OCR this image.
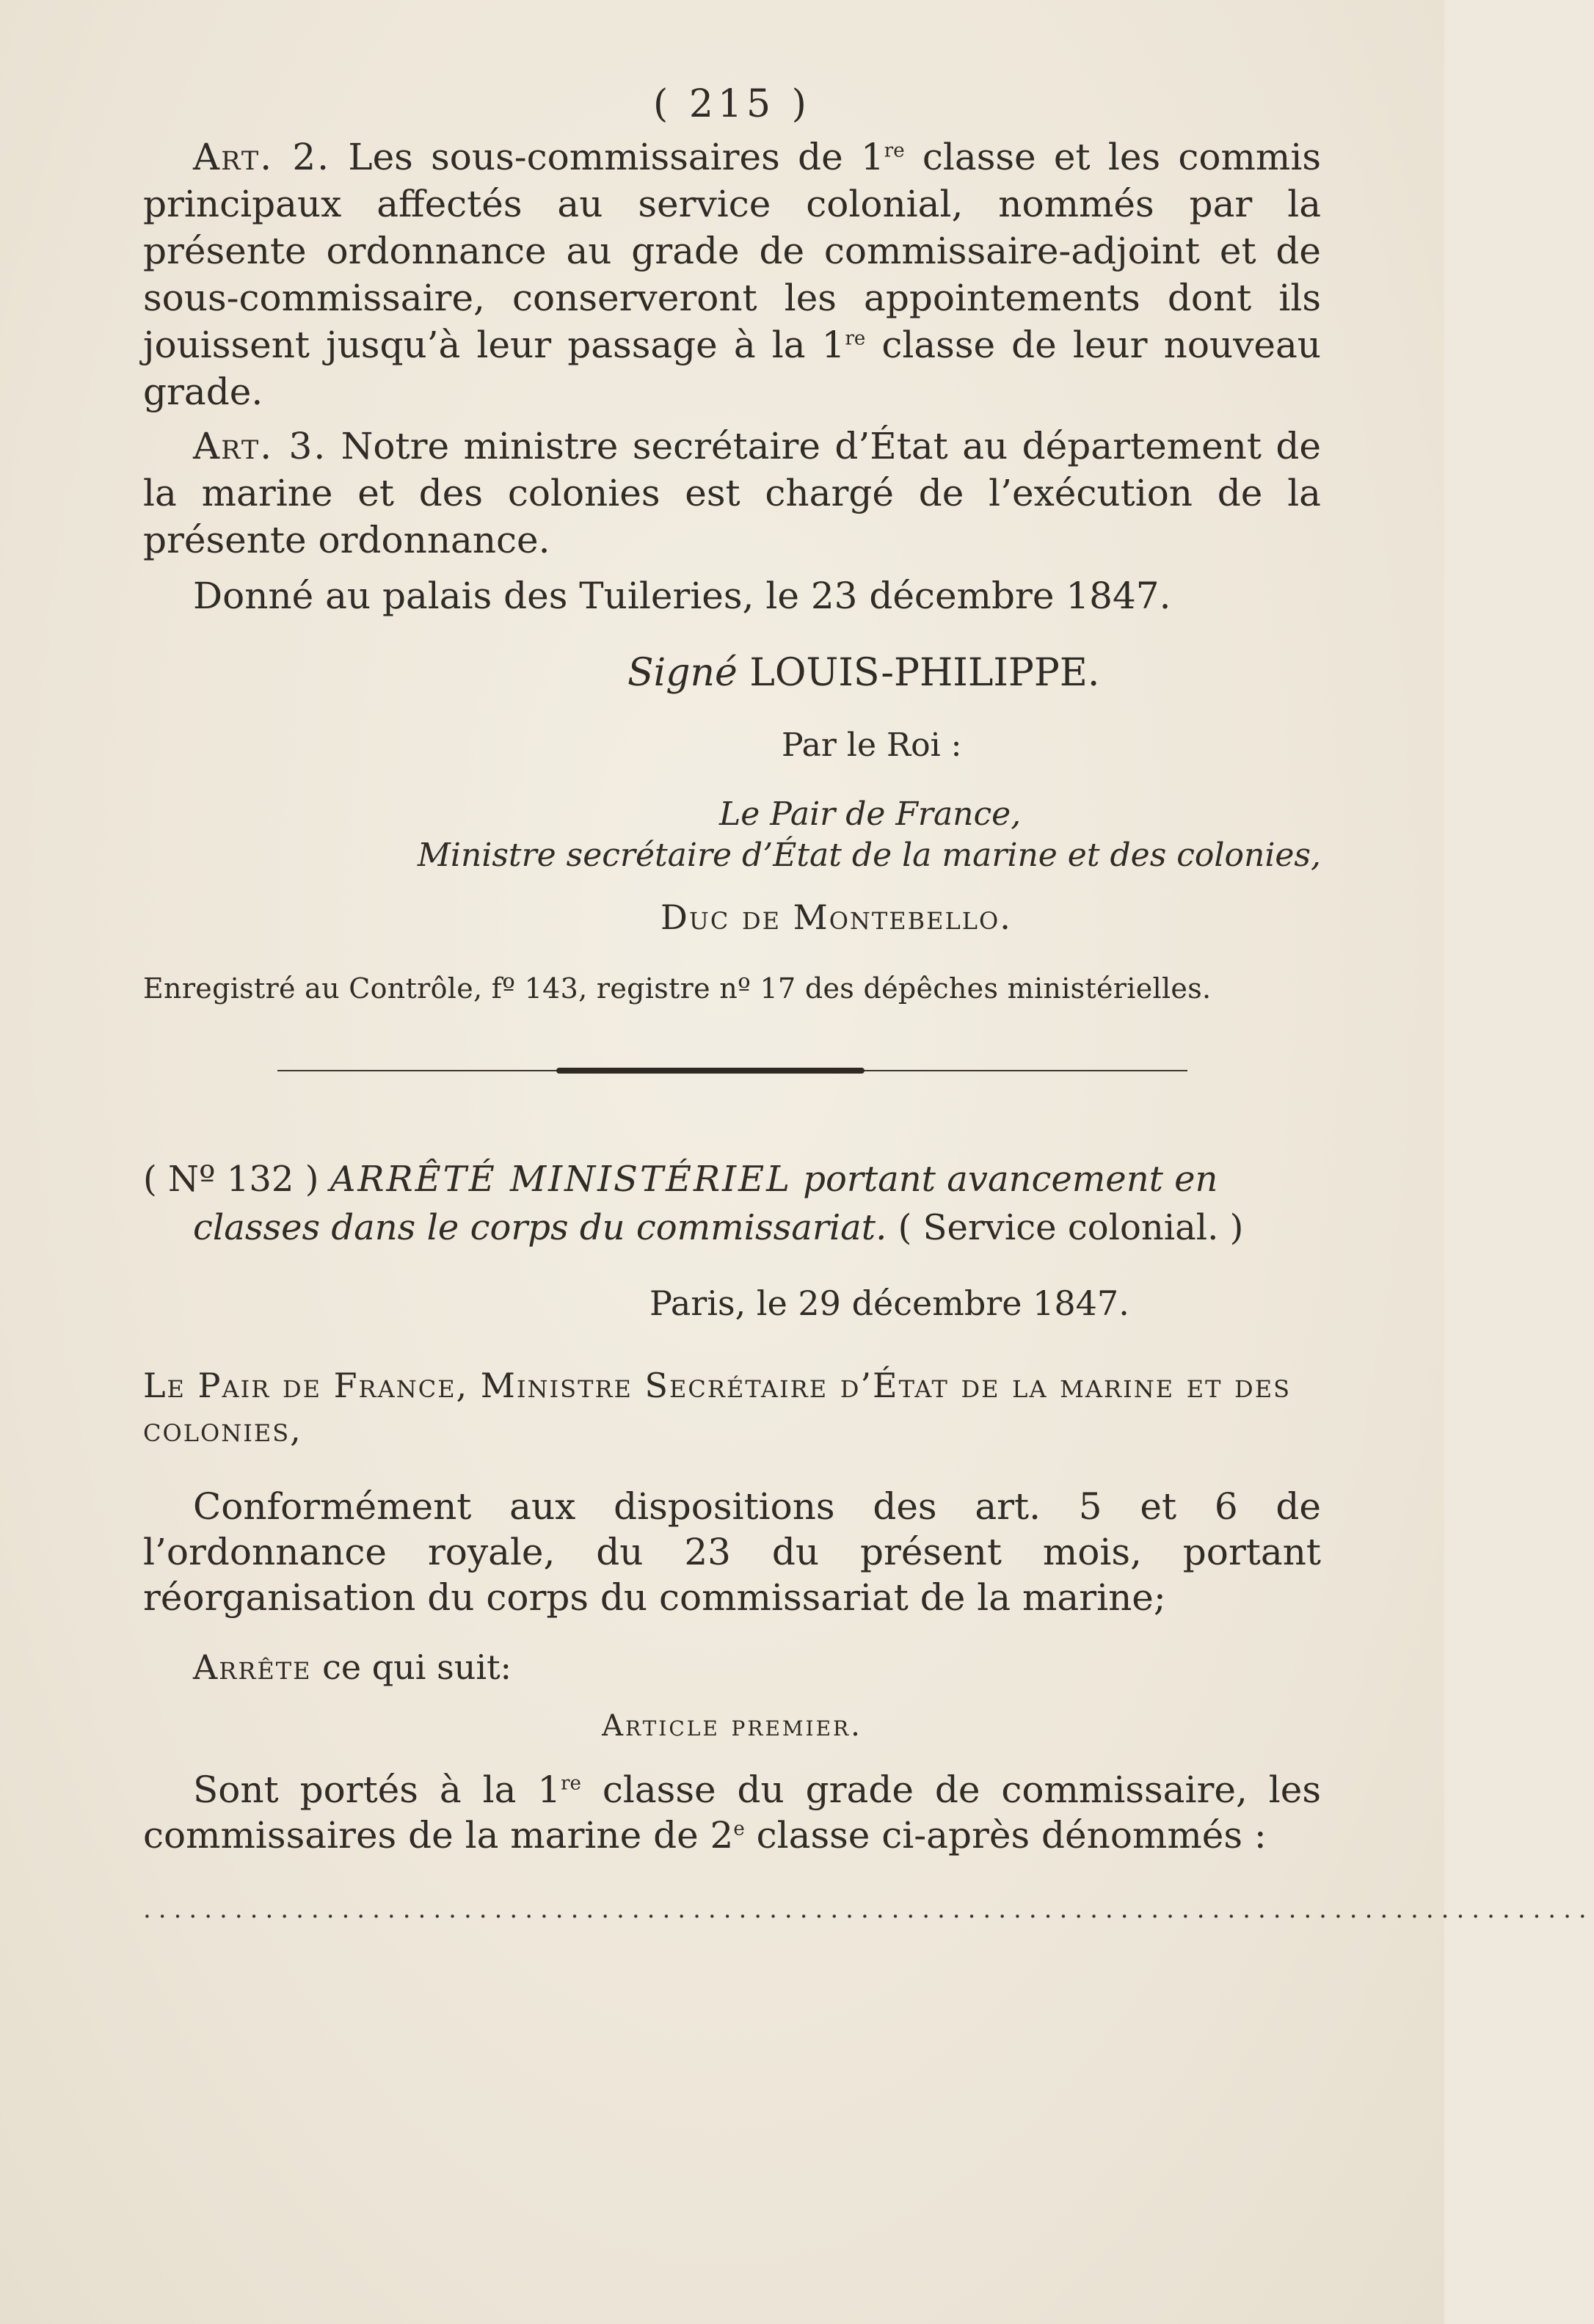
( 215 )

Art. 2. Les sous-commissaires de 1re classe et les commis principaux affectés au service colonial, nommés par la présente ordonnance au grade de commissaire-adjoint et de sous-commissaire, conserveront les appointements dont ils jouissent jusqu’à leur passage à la 1re classe de leur nouveau grade.

Art. 3. Notre ministre secrétaire d’État au département de la marine et des colonies est chargé de l’exécution de la présente ordonnance.

Donné au palais des Tuileries, le 23 décembre 1847.

Signé LOUIS-PHILIPPE.

Par le Roi :

Le Pair de France,

Ministre secrétaire d’État de la marine et des colonies,

Duc de Montebello.

Enregistré au Contrôle, fº 143, registre nº 17 des dépêches ministérielles.

( Nº 132 ) ARRÊTÉ MINISTÉRIEL portant avancement en
classes dans le corps du commissariat. ( Service colonial. )

Paris, le 29 décembre 1847.

Le Pair de France, Ministre Secrétaire d’État de la marine et des colonies,

Conformément aux dispositions des art. 5 et 6 de l’ordonnance royale, du 23 du présent mois, portant réorganisation du corps du commissariat de la marine;

Arrête ce qui suit:

Article premier.

Sont portés à la 1re classe du grade de commissaire, les commissaires de la marine de 2e classe ci-après dénommés :

...............................................................................................
